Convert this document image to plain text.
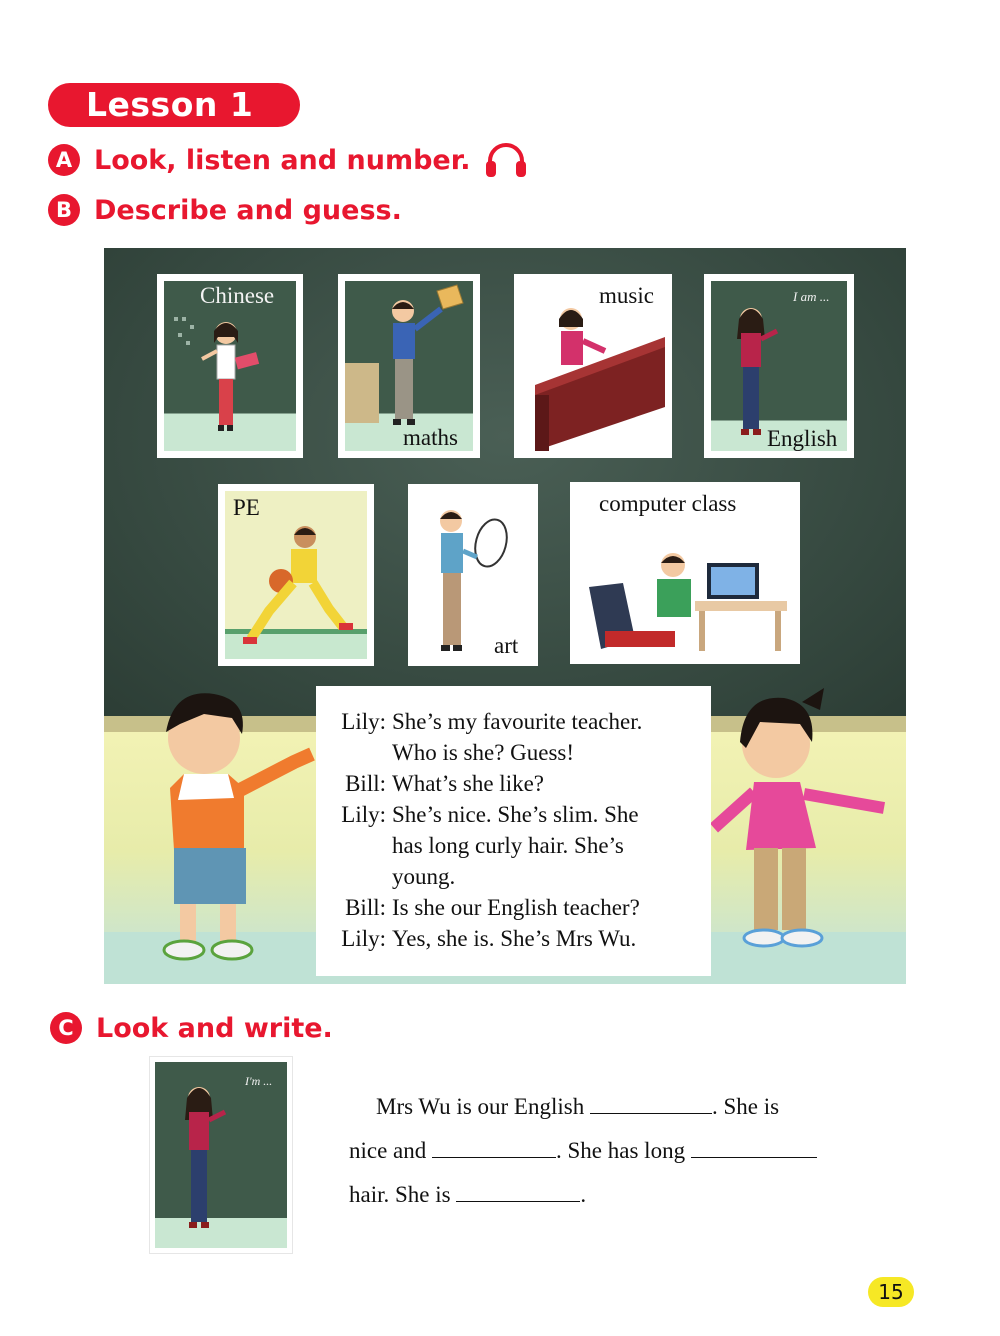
Lesson 1
A Look, listen and number.
B Describe and guess.
Chinese
maths
music	I am ...
English
PE
art
computer class
Lily: She’s my favourite teacher.
Who is she? Guess!
Bill: What’s she like?
Lily: She’s nice. She’s slim. She
has long curly hair. She’s
young.
Bill: Is she our English teacher?
Lily: Yes, she is. She’s Mrs Wu.
C Look and write.
I'm ...
Mrs Wu is our English	. She is
nice and	. She has long
hair. She is	.
15
